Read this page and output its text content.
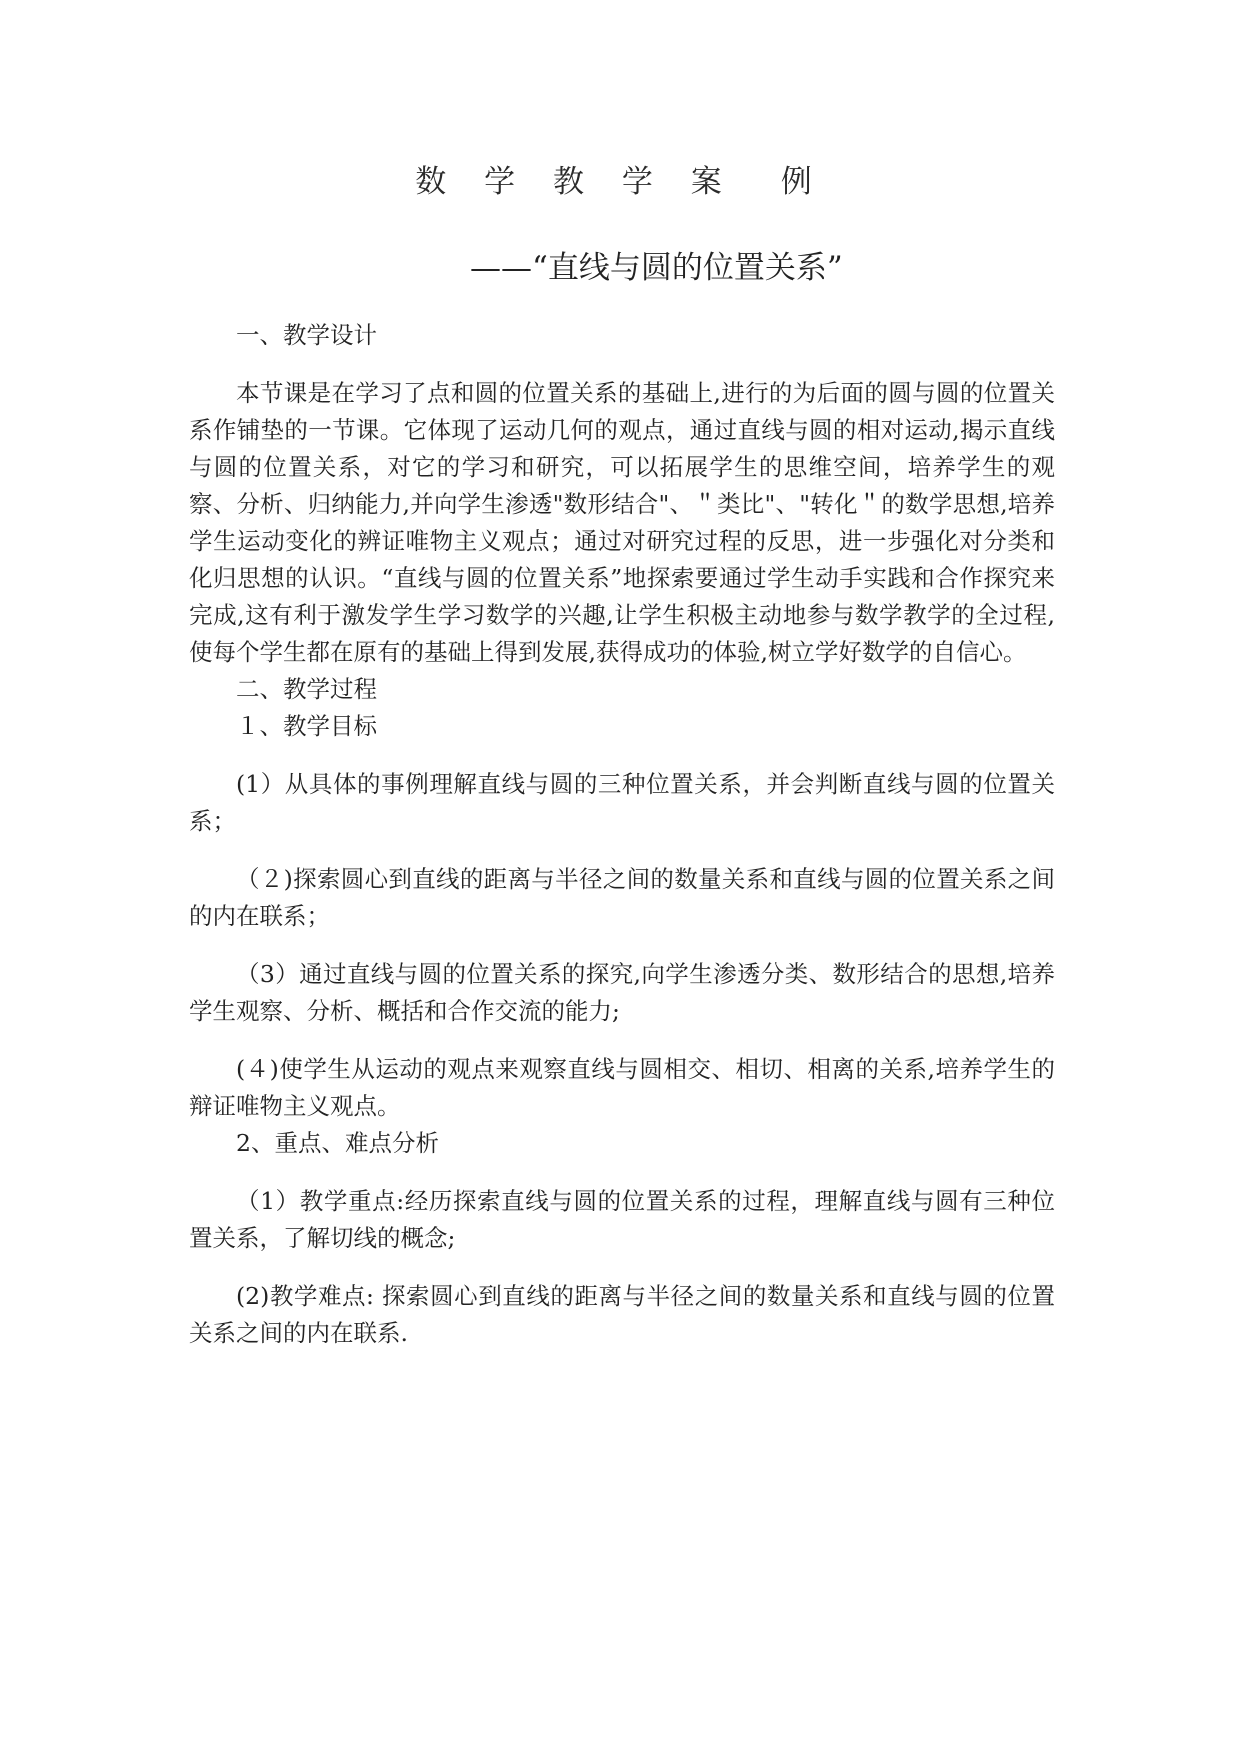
数 学 教 学 案　例
——“直线与圆的位置关系”

一、教学设计

本节课是在学习了点和圆的位置关系的基础上,进行的为后面的圆与圆的位置关系作铺垫的一节课。它体现了运动几何的观点，通过直线与圆的相对运动,揭示直线与圆的位置关系，对它的学习和研究，可以拓展学生的思维空间，培养学生的观察、分析、归纳能力,并向学生渗透"数形结合"、＂类比"、"转化＂的数学思想,培养学生运动变化的辨证唯物主义观点；通过对研究过程的反思，进一步强化对分类和化归思想的认识。“直线与圆的位置关系”地探索要通过学生动手实践和合作探究来完成,这有利于激发学生学习数学的兴趣,让学生积极主动地参与数学教学的全过程,使每个学生都在原有的基础上得到发展,获得成功的体验,树立学好数学的自信心。

二、教学过程

１、教学目标

(1）从具体的事例理解直线与圆的三种位置关系，并会判断直线与圆的位置关系；

（２)探索圆心到直线的距离与半径之间的数量关系和直线与圆的位置关系之间的内在联系；

（3）通过直线与圆的位置关系的探究,向学生渗透分类、数形结合的思想,培养学生观察、分析、概括和合作交流的能力;

(４)使学生从运动的观点来观察直线与圆相交、相切、相离的关系,培养学生的辩证唯物主义观点。

2、重点、难点分析

（1）教学重点:经历探索直线与圆的位置关系的过程，理解直线与圆有三种位置关系，了解切线的概念;

(2)教学难点: 探索圆心到直线的距离与半径之间的数量关系和直线与圆的位置关系之间的内在联系.
